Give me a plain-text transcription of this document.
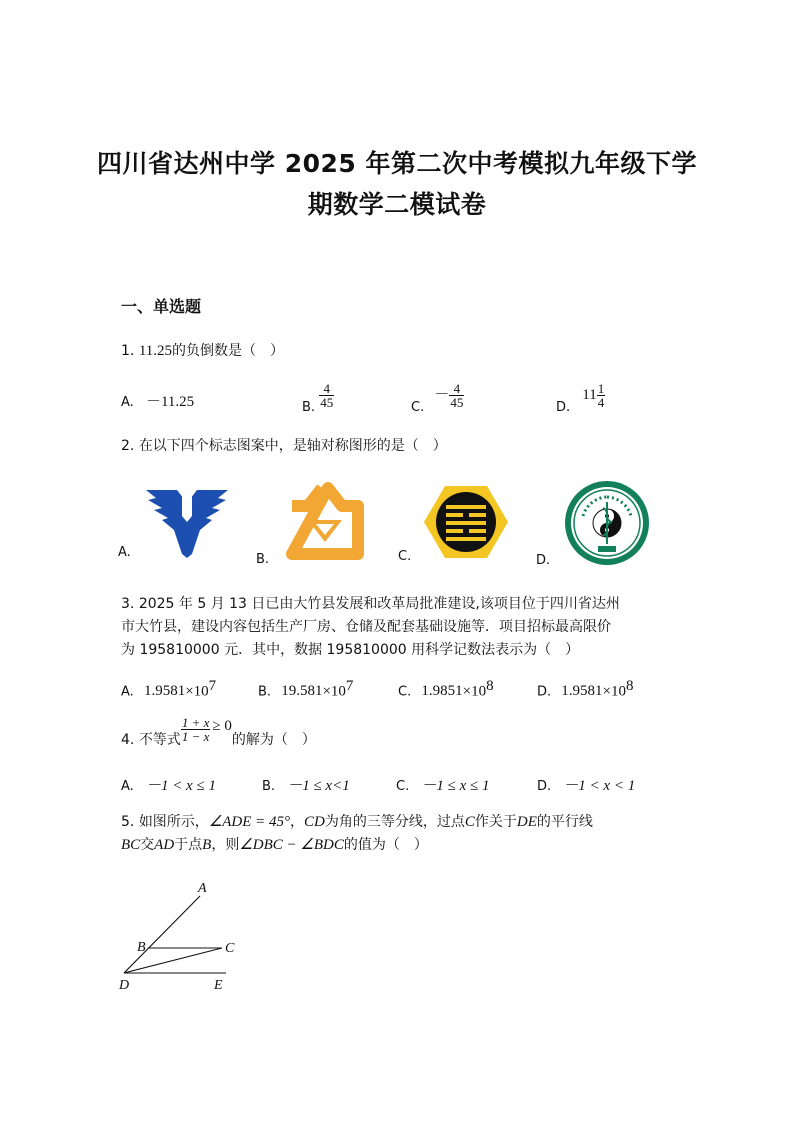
四川省达州中学 2025 年第二次中考模拟九年级下学
期数学二模试卷
一、单选题
1. 11.25的负倒数是（　）
A. －11.25	B. $\frac{4}{45}$	C. － $\frac{4}{45}$	D. $11 \frac{1}{4}$
2. 在以下四个标志图案中，是轴对称图形的是（　）
A.	B.	C.	D.
3. 2025 年 5 月 13 日已由大竹县发展和改革局批准建设,该项目位于四川省达州
市大竹县，建设内容包括生产厂房、仓储及配套基础设施等．项目招标最高限价
为 195810000 元．其中，数据 195810000 用科学记数法表示为（　）
A. $1.9581\times 10^7$	B. $19.581\times 10^7$	C. $1.9851\times 10^8$	D. $1.9581\times 10^8$
4. 不等式 $\frac{1 + x}{1 - x} \ge 0$的解为（　）
A. －1 < x ≤ 1	B. －1 ≤ x<1	C. －1 ≤ x ≤ 1	D. －1 < x < 1
5. 如图所示，∠ADE = 45°，CD为角的三等分线，过点C作关于DE的平行线
BC交AD于点B，则∠DBC − ∠BDC的值为（　）
A
B	C
D	E
